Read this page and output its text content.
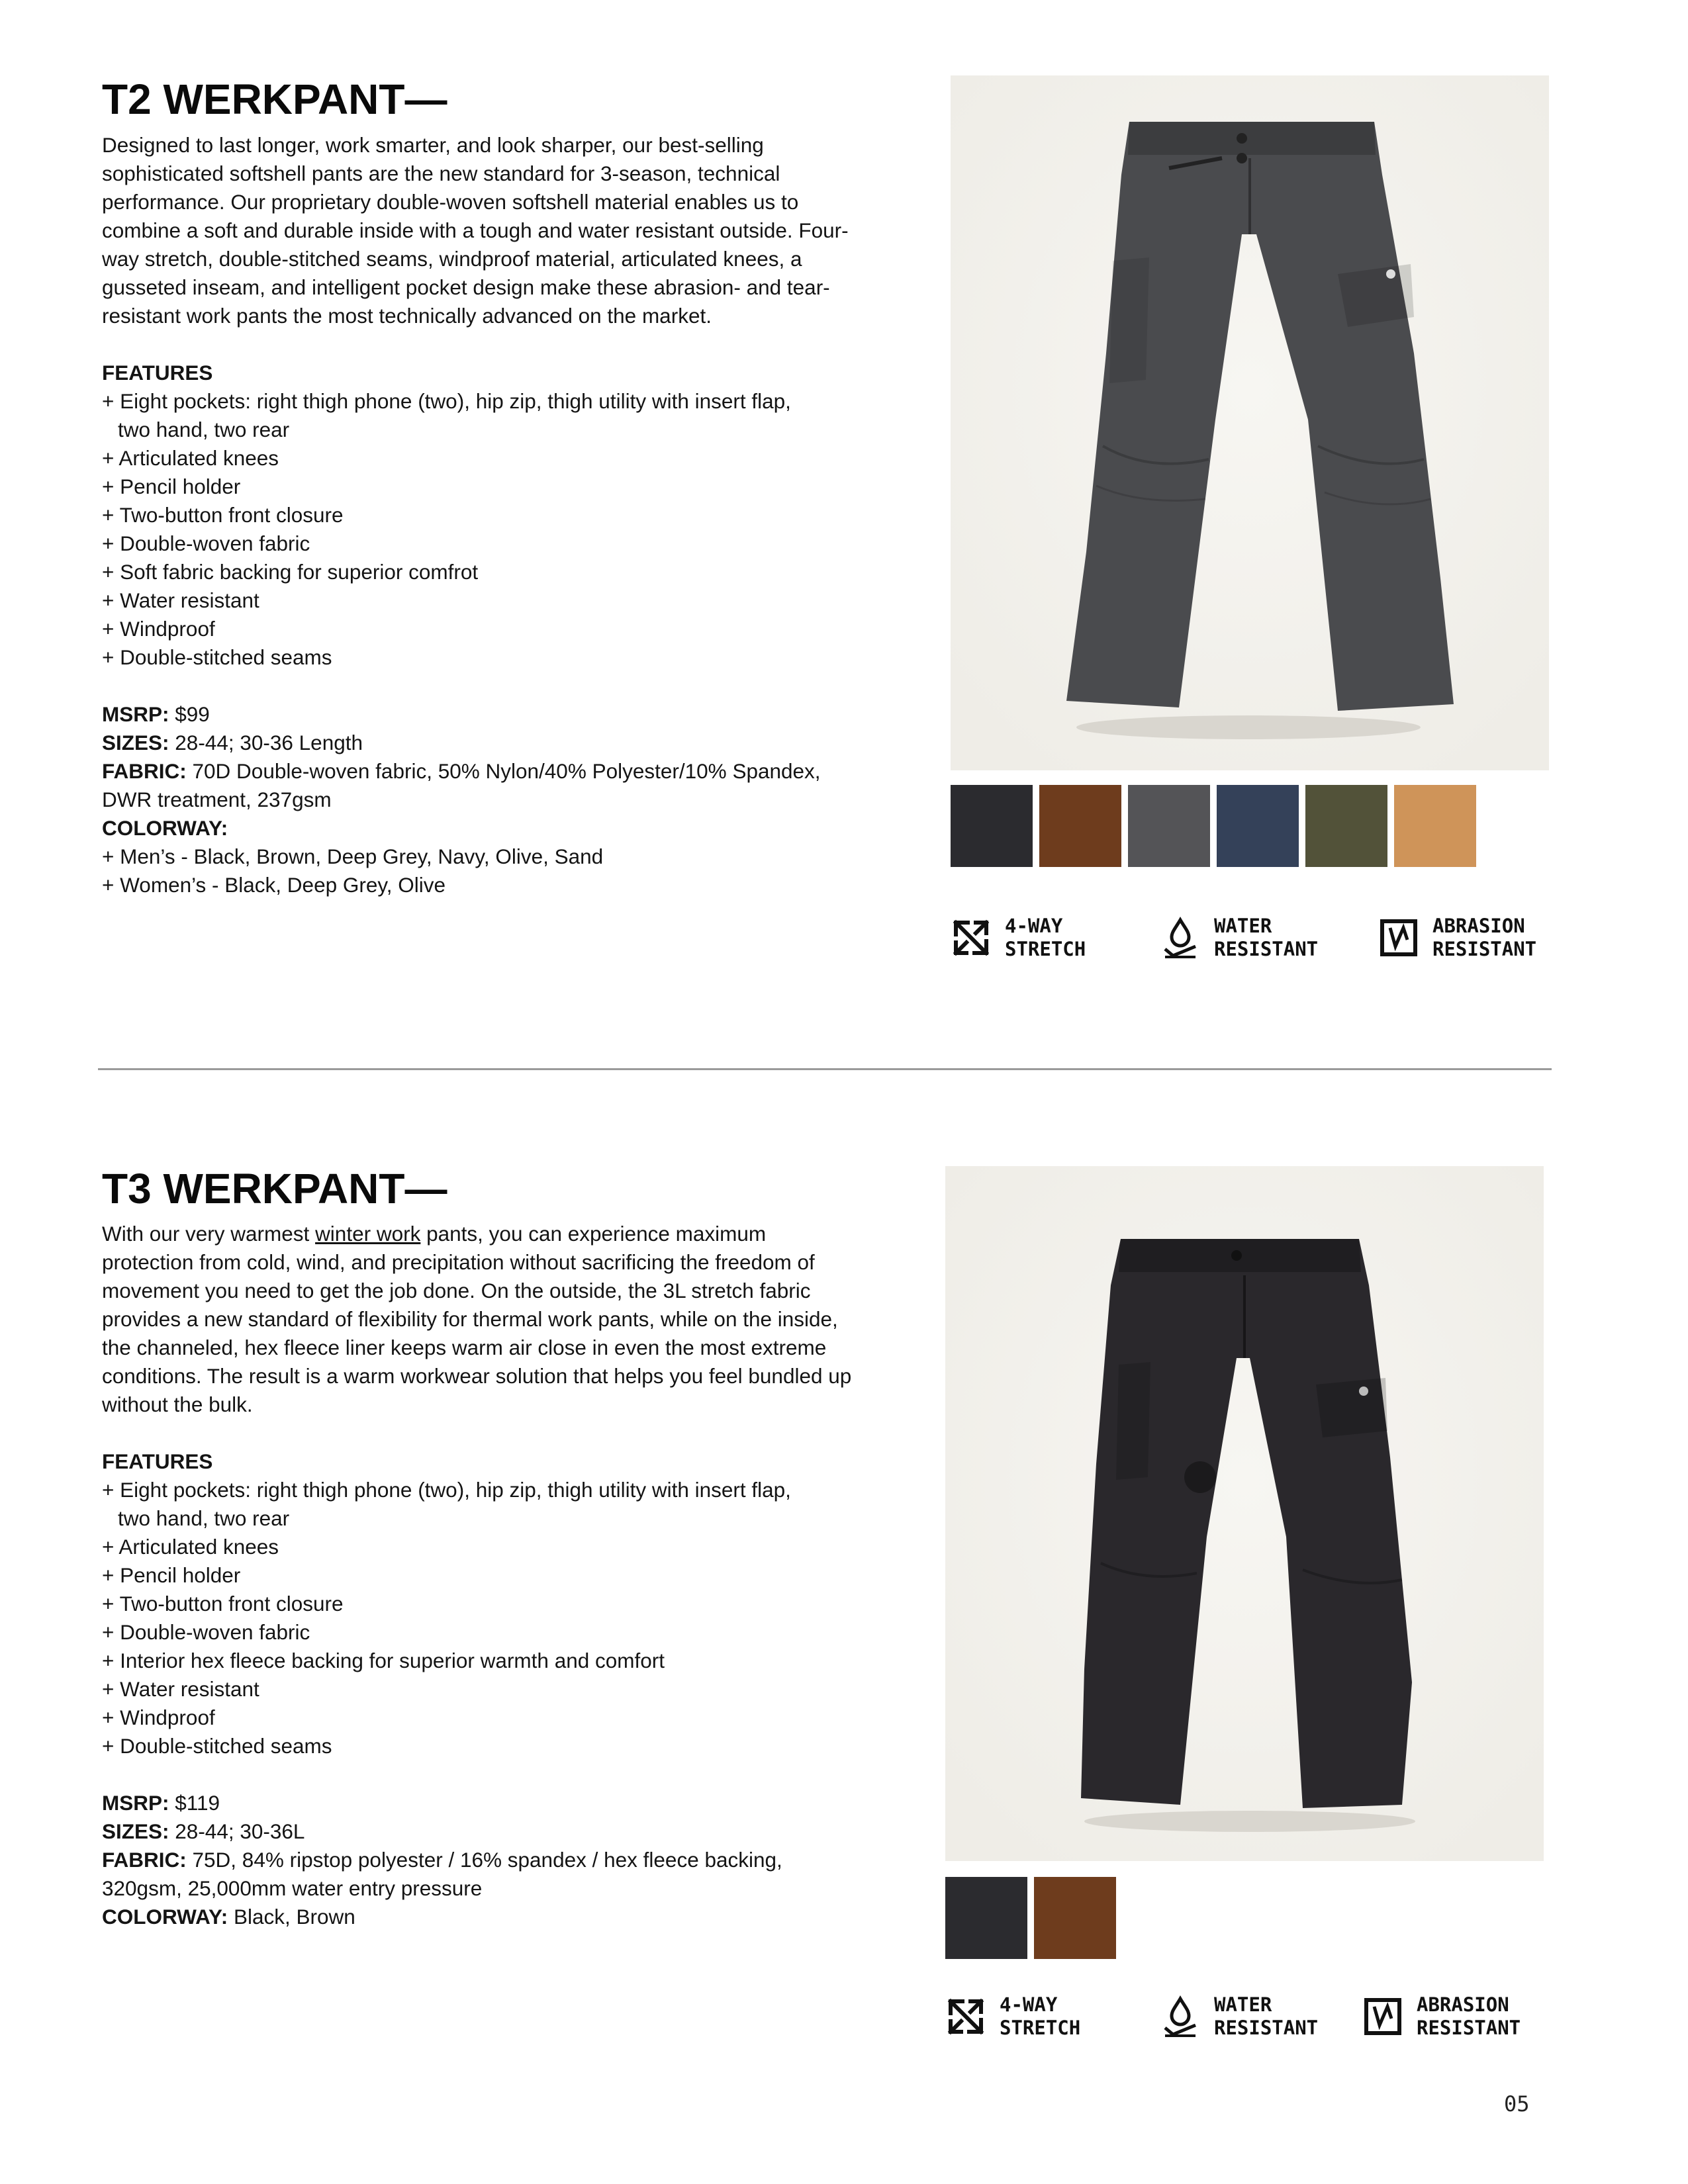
T2 WERKPANT—

Designed to last longer, work smarter, and look sharper, our best-selling sophisticated softshell pants are the new standard for 3-season, technical performance. Our proprietary double-woven softshell material enables us to combine a soft and durable inside with a tough and water resistant outside. Four-way stretch, double-stitched seams, windproof material, articulated knees, a gusseted inseam, and intelligent pocket design make these abrasion- and tear-resistant work pants the most technically advanced on the market.

FEATURES

+ Eight pockets: right thigh phone (two), hip zip, thigh utility with insert flap,

two hand, two rear

+ Articulated knees

+ Pencil holder

+ Two-button front closure

+ Double-woven fabric

+ Soft fabric backing for superior comfrot

+ Water resistant

+ Windproof

+ Double-stitched seams

MSRP: $99

SIZES: 28-44; 30-36 Length

FABRIC: 70D Double-woven fabric, 50% Nylon/40% Polyester/10% Spandex,

DWR treatment, 237gsm

COLORWAY:

+ Men’s - Black, Brown, Deep Grey, Navy, Olive, Sand

+ Women’s - Black, Deep Grey, Olive

4-WAY
STRETCH
WATER
RESISTANT
ABRASION
RESISTANT
T3 WERKPANT—

With our very warmest winter work pants, you can experience maximum protection from cold, wind, and precipitation without sacrificing the freedom of movement you need to get the job done. On the outside, the 3L stretch fabric provides a new standard of flexibility for thermal work pants, while on the inside, the channeled, hex fleece liner keeps warm air close in even the most extreme conditions. The result is a warm workwear solution that helps you feel bundled up without the bulk.

FEATURES

+ Eight pockets: right thigh phone (two), hip zip, thigh utility with insert flap,

two hand, two rear

+ Articulated knees

+ Pencil holder

+ Two-button front closure

+ Double-woven fabric

+ Interior hex fleece backing for superior warmth and comfort

+ Water resistant

+ Windproof

+ Double-stitched seams

MSRP: $119

SIZES: 28-44; 30-36L

FABRIC: 75D, 84% ripstop polyester / 16% spandex / hex fleece backing,

320gsm, 25,000mm water entry pressure

COLORWAY: Black, Brown

4-WAY
STRETCH
WATER
RESISTANT
ABRASION
RESISTANT
05
